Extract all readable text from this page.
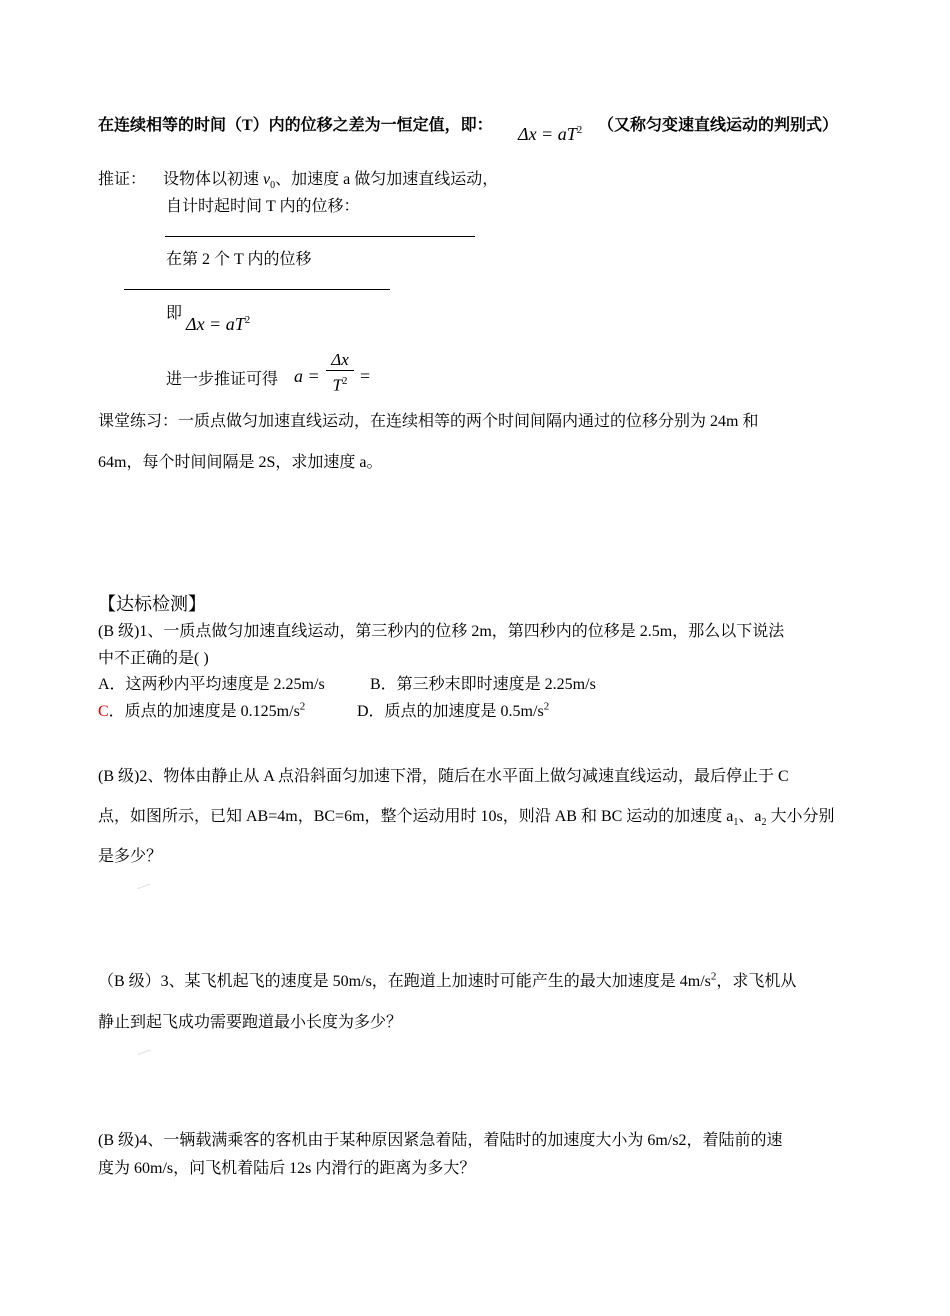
在连续相等的时间（T）内的位移之差为一恒定值，即： $\Delta x = aT^2$ （又称匀变速直线运动的判别式）
推证： 设物体以初速 $v_0$、加速度 a 做匀加速直线运动，
自计时起时间 T 内的位移：
在第 2 个 T 内的位移
即
$\Delta x = aT^2$
进一步推证可得 a =
Δx
$T^2$ =
课堂练习：一质点做匀加速直线运动，在连续相等的两个时间间隔内通过的位移分别为 24m 和
64m，每个时间间隔是 2S，求加速度 a。
【达标检测】
(B 级)1、一质点做匀加速直线运动，第三秒内的位移 2m，第四秒内的位移是 2.5m，那么以下说法
中不正确的是( )
A．这两秒内平均速度是 2.25m/s	B．第三秒末即时速度是 2.25m/s
C．质点的加速度是 $0.125m/s^2$	D．质点的加速度是 $0.5m/s^2$
(B 级)2、物体由静止从 A 点沿斜面匀加速下滑，随后在水平面上做匀减速直线运动，最后停止于 C
点，如图所示，已知 AB=4m，BC=6m，整个运动用时 10s，则沿 AB 和 BC 运动的加速度 $a_1$、$a_2$ 大小分别
是多少？
（B 级）3、某飞机起飞的速度是 50m/s，在跑道上加速时可能产生的最大加速度是 $4m/s^2$，求飞机从
静止到起飞成功需要跑道最小长度为多少？
(B 级)4、一辆载满乘客的客机由于某种原因紧急着陆，着陆时的加速度大小为 6m/s2，着陆前的速
度为 60m/s，问飞机着陆后 12s 内滑行的距离为多大？
